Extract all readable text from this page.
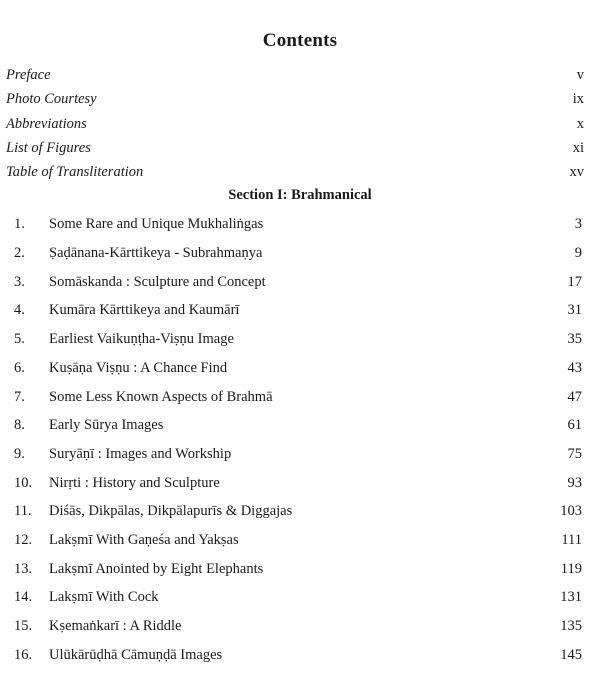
Contents
Preface	v
Photo Courtesy	ix
Abbreviations	x
List of Figures	xi
Table of Transliteration	xv
Section I: Brahmanical
1. Some Rare and Unique Mukhaliṅgas	3
2. Ṣaḍānana-Kārttikeya - Subrahmaṇya	9
3. Somāskanda : Sculpture and Concept	17
4. Kumāra Kārttikeya and Kaumārī	31
5. Earliest Vaikuṇṭha-Viṣṇu Image	35
6. Kuṣāṇa Viṣṇu : A Chance Find	43
7. Some Less Known Aspects of Brahmā	47
8. Early Sūrya Images	61
9. Suryāṇī : Images and Workship	75
10. Nirṛti : History and Sculpture	93
11. Diśās, Dikpālas, Dikpālapurīs & Diggajas	103
12. Lakṣmī With Gaṇeśa and Yakṣas	111
13. Lakṣmī Anointed by Eight Elephants	119
14. Lakṣmī With Cock	131
15. Kṣemaṅkarī : A Riddle	135
16. Ulūkārūḍhā Cāmuṇḍā Images	145
